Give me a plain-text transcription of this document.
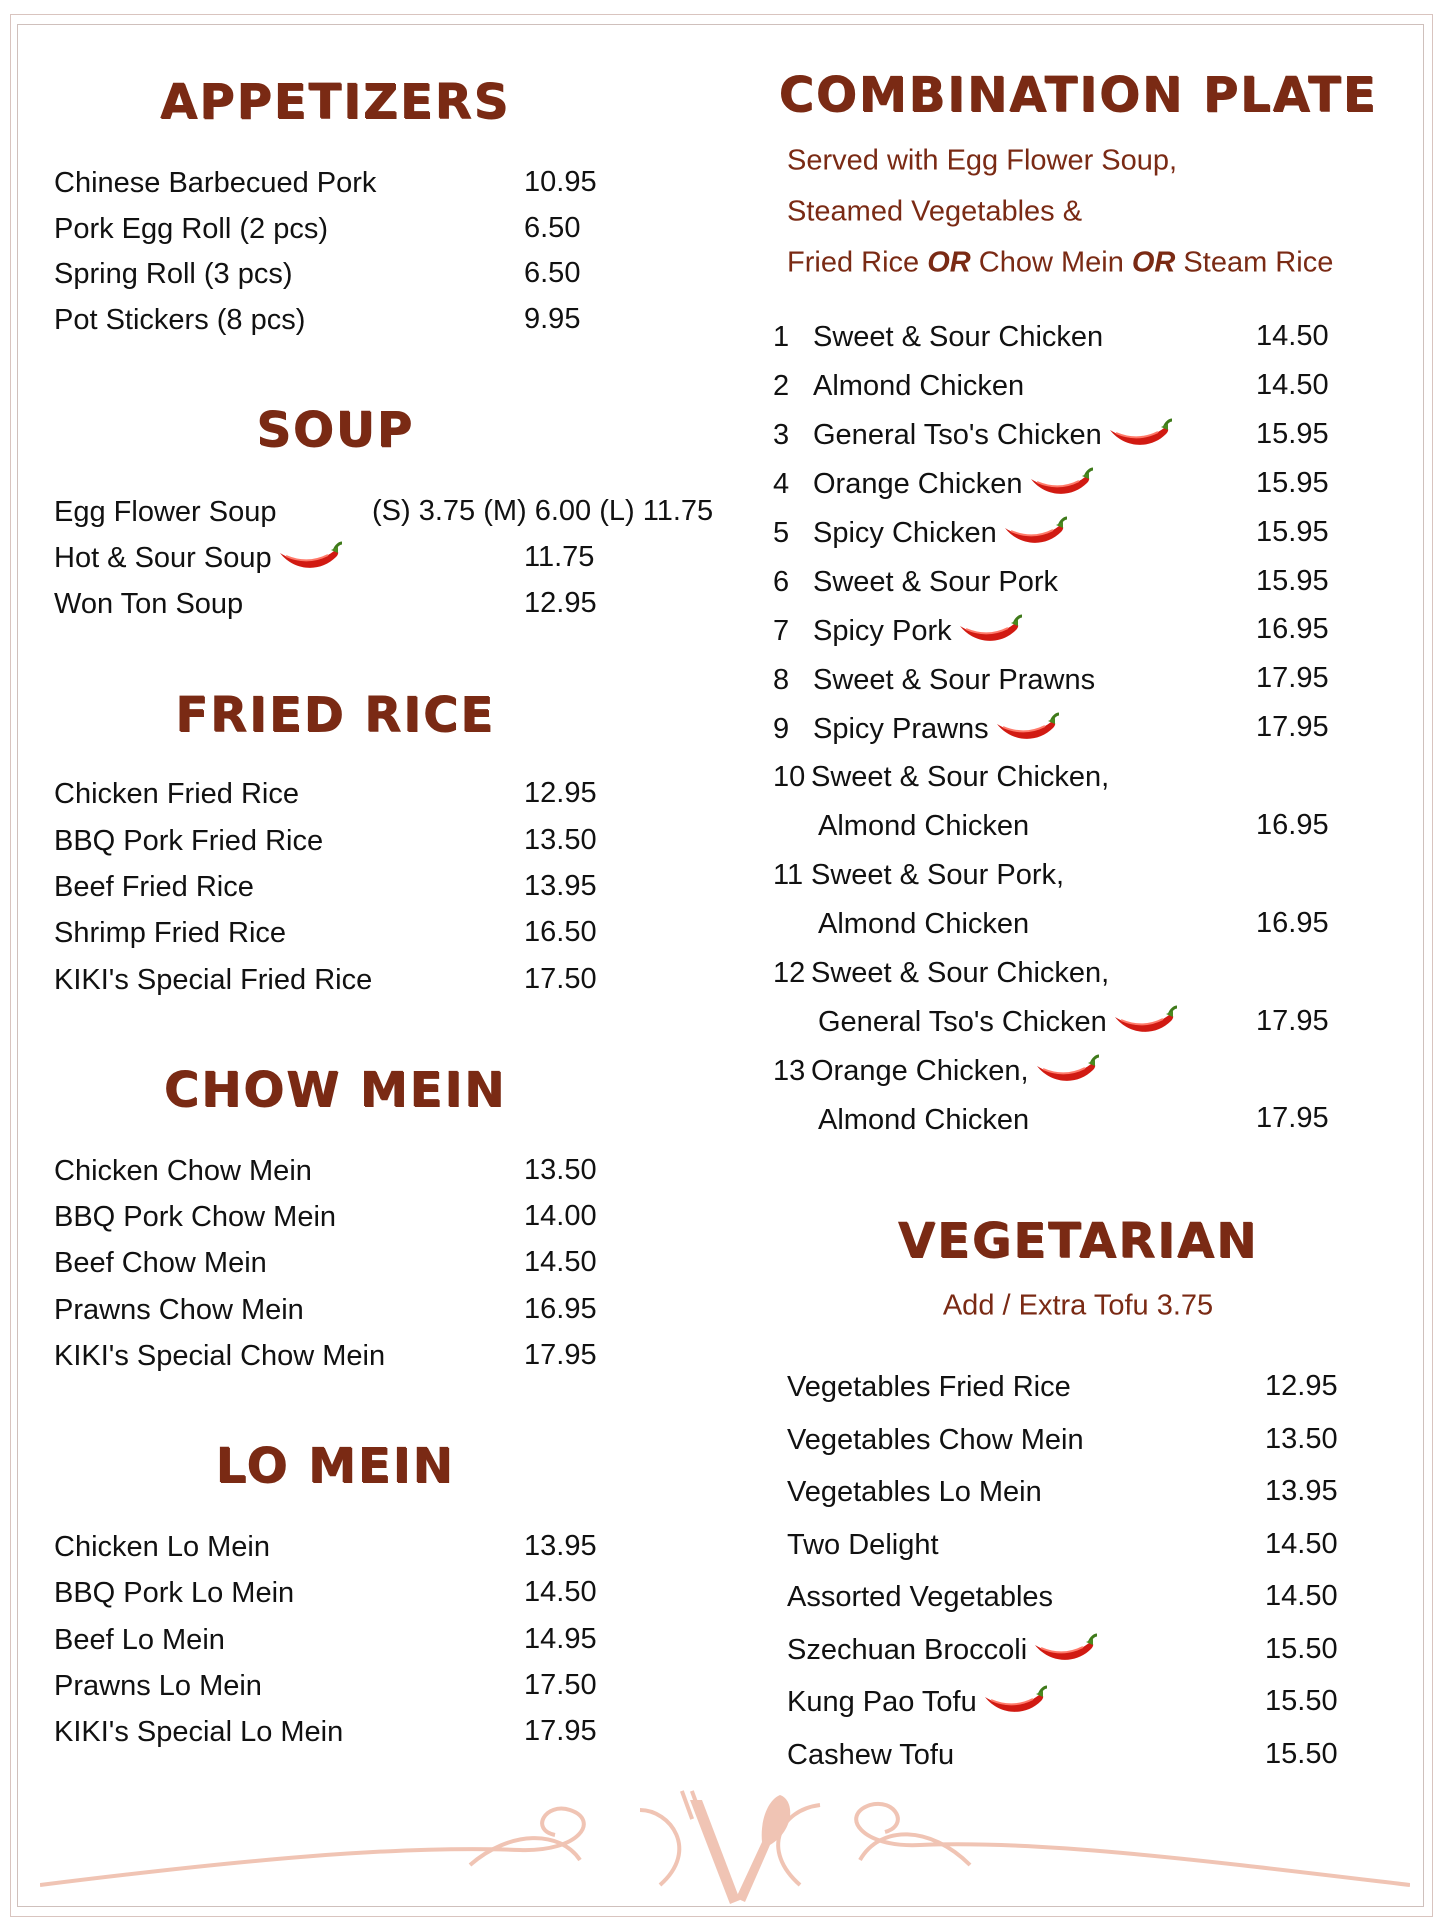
APPETIZERS
Chinese Barbecued Pork	10.95
Pork Egg Roll (2 pcs)	6.50
Spring Roll (3 pcs)	6.50
Pot Stickers (8 pcs)	9.95
SOUP
Egg Flower Soup	(S) 3.75 (M) 6.00 (L) 11.75
Hot & Sour Soup	11.75
Won Ton Soup	12.95
FRIED RICE
Chicken Fried Rice	12.95
BBQ Pork Fried Rice	13.50
Beef Fried Rice	13.95
Shrimp Fried Rice	16.50
KIKI's Special Fried Rice	17.50
CHOW MEIN
Chicken Chow Mein	13.50
BBQ Pork Chow Mein	14.00
Beef Chow Mein	14.50
Prawns Chow Mein	16.95
KIKI's Special Chow Mein	17.95
LO MEIN
Chicken Lo Mein	13.95
BBQ Pork Lo Mein	14.50
Beef Lo Mein	14.95
Prawns Lo Mein	17.50
KIKI's Special Lo Mein	17.95
1 Sweet & Sour Chicken	14.50
2 Almond Chicken	14.50
3 General Tso's Chicken	15.95
4 Orange Chicken	15.95
5 Spicy Chicken	15.95
6 Sweet & Sour Pork	15.95
7 Spicy Pork	16.95
8 Sweet & Sour Prawns	17.95
9 Spicy Prawns	17.95
10 Sweet & Sour Chicken,
Almond Chicken	16.95
11 Sweet & Sour Pork,
Almond Chicken	16.95
12 Sweet & Sour Chicken,
General Tso's Chicken	17.95
13 Orange Chicken,
Almond Chicken	17.95
Vegetables Fried Rice	12.95
Vegetables Chow Mein	13.50
Vegetables Lo Mein	13.95
Two Delight	14.50
Assorted Vegetables	14.50
Szechuan Broccoli	15.50
Kung Pao Tofu	15.50
Cashew Tofu	15.50
COMBINATION PLATE
Served with Egg Flower Soup,
Steamed Vegetables &
Fried Rice OR Chow Mein OR Steam Rice
VEGETARIAN
Add / Extra Tofu 3.75
